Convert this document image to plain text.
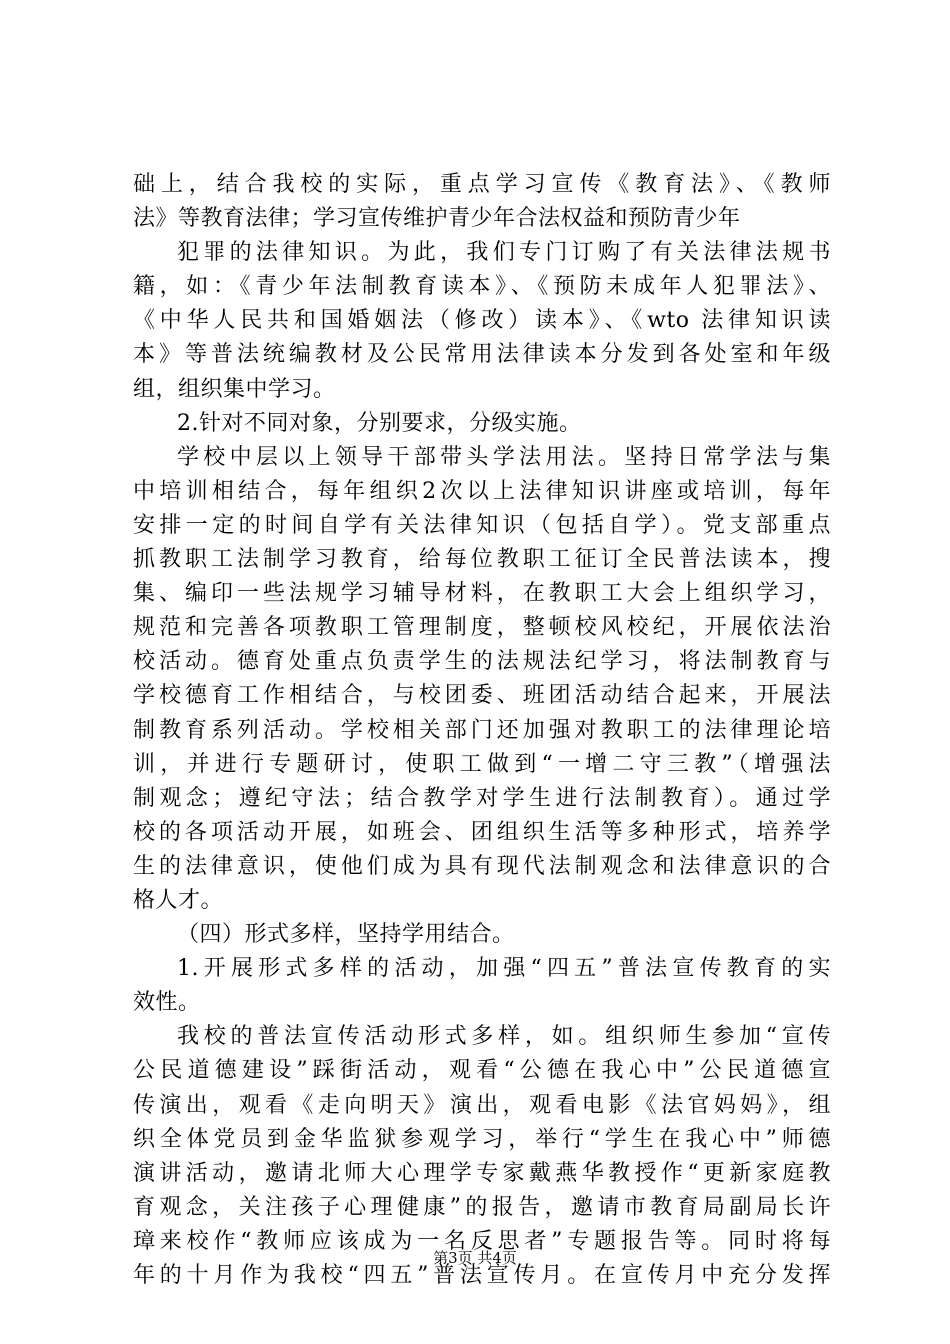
础上，结合我校的实际，重点学习宣传《教育法》、《教师
法》等教育法律；学习宣传维护青少年合法权益和预防青少年
犯罪的法律知识。为此，我们专门订购了有关法律法规书
籍，如：《青少年法制教育读本》、《预防未成年人犯罪法》、
《中华人民共和国婚姻法（修改）读本》、《wto 法律知识读
本》等普法统编教材及公民常用法律读本分发到各处室和年级
组，组织集中学习。
2.针对不同对象，分别要求，分级实施。
学校中层以上领导干部带头学法用法。坚持日常学法与集
中培训相结合，每年组织2次以上法律知识讲座或培训，每年
安排一定的时间自学有关法律知识（包括自学）。党支部重点
抓教职工法制学习教育，给每位教职工征订全民普法读本，搜
集、编印一些法规学习辅导材料，在教职工大会上组织学习，
规范和完善各项教职工管理制度，整顿校风校纪，开展依法治
校活动。德育处重点负责学生的法规法纪学习，将法制教育与
学校德育工作相结合，与校团委、班团活动结合起来，开展法
制教育系列活动。学校相关部门还加强对教职工的法律理论培
训，并进行专题研讨，使职工做到“一增二守三教”（增强法
制观念；遵纪守法；结合教学对学生进行法制教育）。通过学
校的各项活动开展，如班会、团组织生活等多种形式，培养学
生的法律意识，使他们成为具有现代法制观念和法律意识的合
格人才。
（四）形式多样，坚持学用结合。
1.开展形式多样的活动，加强“四五”普法宣传教育的实
效性。
我校的普法宣传活动形式多样，如。组织师生参加“宣传
公民道德建设”踩街活动，观看“公德在我心中”公民道德宣
传演出，观看《走向明天》演出，观看电影《法官妈妈》，组
织全体党员到金华监狱参观学习，举行“学生在我心中”师德
演讲活动，邀请北师大心理学专家戴燕华教授作“更新家庭教
育观念，关注孩子心理健康”的报告，邀请市教育局副局长许
璋来校作“教师应该成为一名反思者”专题报告等。同时将每
年的十月作为我校“四五”普法宣传月。在宣传月中充分发挥
第3页 共4页
